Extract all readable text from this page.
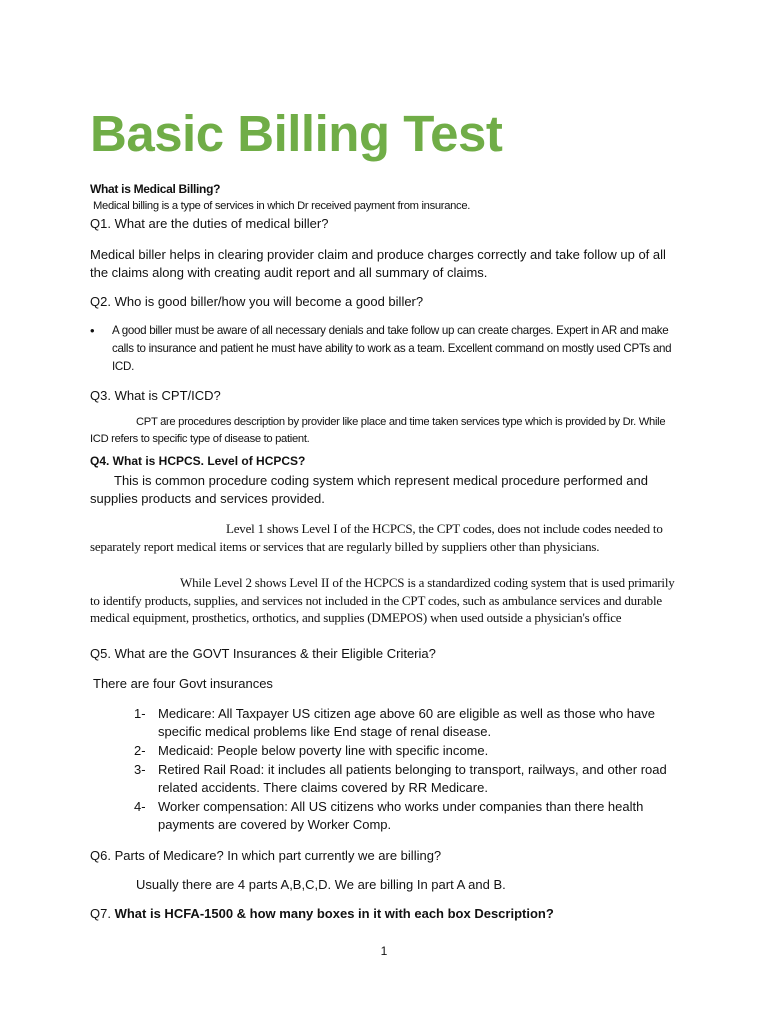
Basic Billing Test

What is Medical Billing?

Medical billing is a type of services in which Dr received payment from insurance.

Q1. What are the duties of medical biller?

Medical biller helps in clearing provider claim and produce charges correctly and take follow up of all the claims along with creating audit report and all summary of claims.

Q2. Who is good biller/how you will become a good biller?

•	A good biller must be aware of all necessary denials and take follow up can create charges. Expert in AR and make calls to insurance and patient he must have ability to work as a team. Excellent command on mostly used CPTs and ICD.

Q3. What is CPT/ICD?

CPT are procedures description by provider like place and time taken services type which is provided by Dr. While ICD refers to specific type of disease to patient.

Q4. What is HCPCS. Level of HCPCS?

This is common procedure coding system which represent medical procedure performed and supplies products and services provided.

Level 1 shows Level I of the HCPCS, the CPT codes, does not include codes needed to separately report medical items or services that are regularly billed by suppliers other than physicians.

While Level 2 shows Level II of the HCPCS is a standardized coding system that is used primarily to identify products, supplies, and services not included in the CPT codes, such as ambulance services and durable medical equipment, prosthetics, orthotics, and supplies (DMEPOS) when used outside a physician's office

Q5. What are the GOVT Insurances & their Eligible Criteria?

There are four Govt insurances

1- Medicare: All Taxpayer US citizen age above 60 are eligible as well as those who have specific medical problems like End stage of renal disease.
2- Medicaid: People below poverty line with specific income.
3- Retired Rail Road: it includes all patients belonging to transport, railways, and other road related accidents. There claims covered by RR Medicare.
4- Worker compensation: All US citizens who works under companies than there health payments are covered by Worker Comp.

Q6. Parts of Medicare? In which part currently we are billing?

Usually there are 4 parts A,B,C,D. We are billing In part A and B.

Q7. What is HCFA-1500 & how many boxes in it with each box Description?

1
